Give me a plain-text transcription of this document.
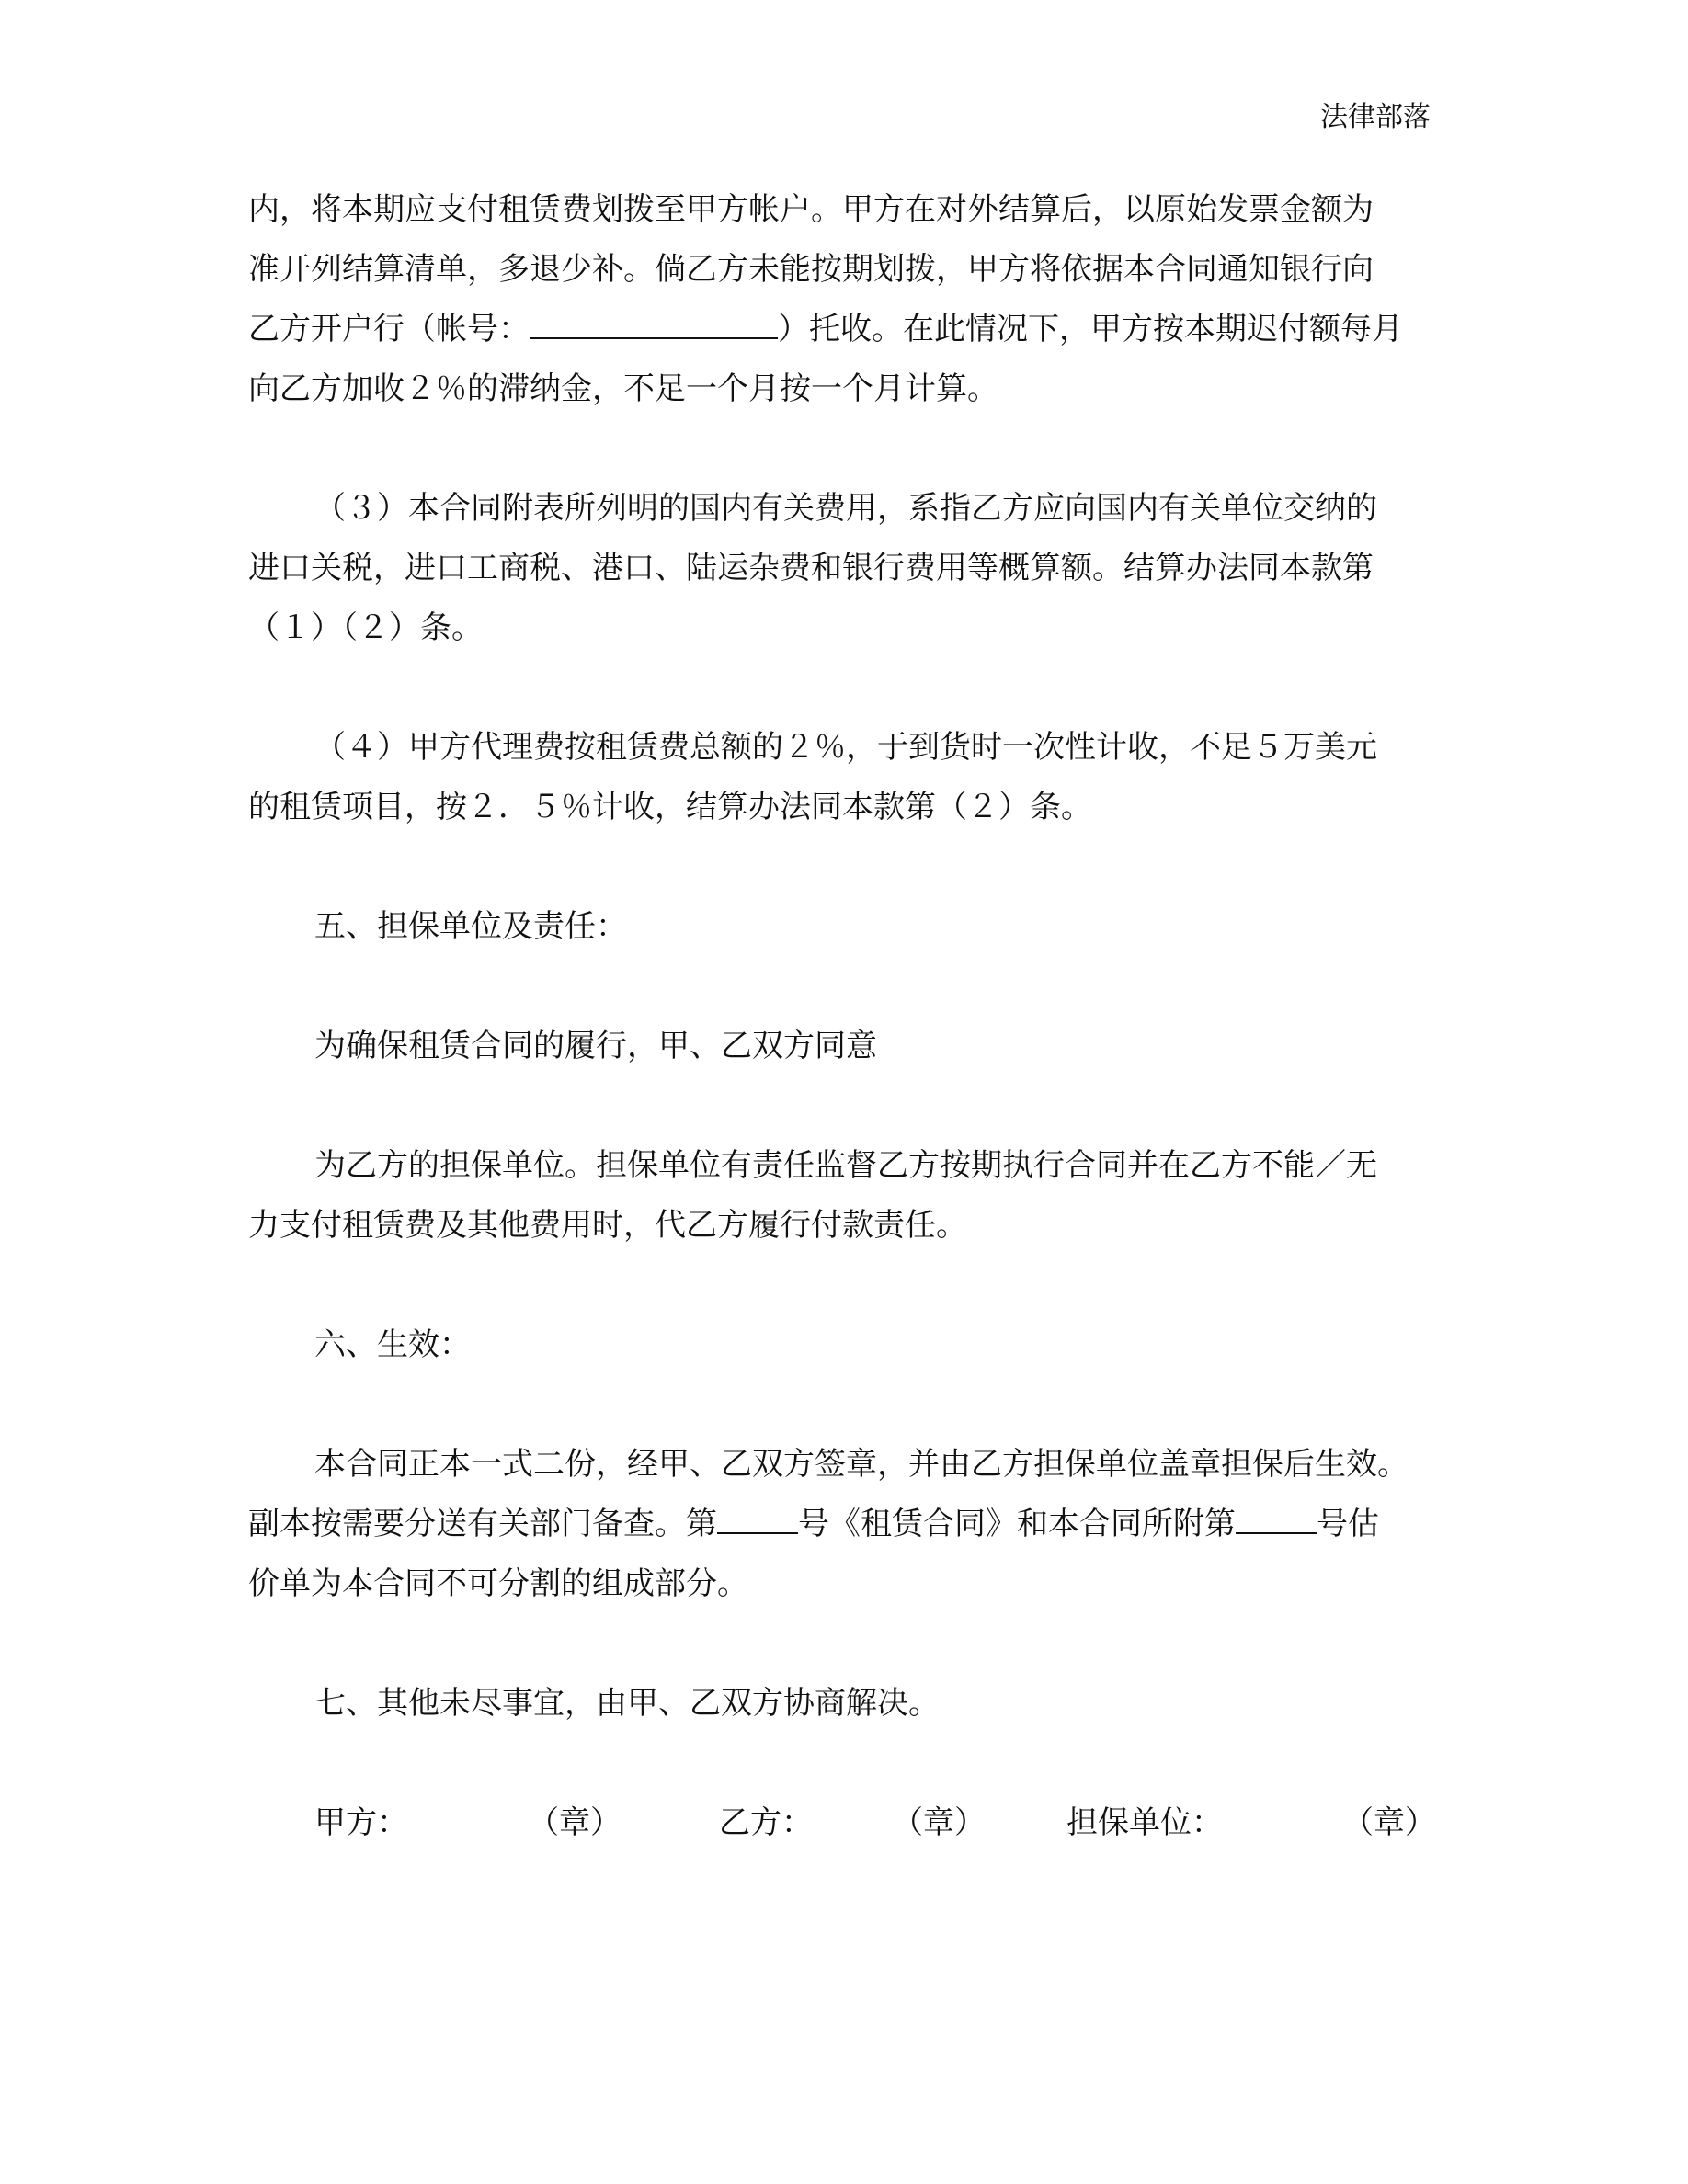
法律部落

内，将本期应支付租赁费划拨至甲方帐户。甲方在对外结算后，以原始发票金额为
准开列结算清单，多退少补。倘乙方未能按期划拨，甲方将依据本合同通知银行向
乙方开户行（帐号：	）托收。在此情况下，甲方按本期迟付额每月
向乙方加收２％的滞纳金，不足一个月按一个月计算。

（３）本合同附表所列明的国内有关费用，系指乙方应向国内有关单位交纳的
进口关税，进口工商税、港口、陆运杂费和银行费用等概算额。结算办法同本款第
（１）（２）条。

（４）甲方代理费按租赁费总额的２％，于到货时一次性计收，不足５万美元
的租赁项目，按２．５％计收，结算办法同本款第（２）条。

五、担保单位及责任：

为确保租赁合同的履行，甲、乙双方同意

为乙方的担保单位。担保单位有责任监督乙方按期执行合同并在乙方不能／无
力支付租赁费及其他费用时，代乙方履行付款责任。

六、生效：

本合同正本一式二份，经甲、乙双方签章，并由乙方担保单位盖章担保后生效。
副本按需要分送有关部门备查。第	号《租赁合同》和本合同所附第	号估
价单为本合同不可分割的组成部分。

七、其他未尽事宜，由甲、乙双方协商解决。

甲方：	（章）	乙方：	（章）	担保单位：	（章）
